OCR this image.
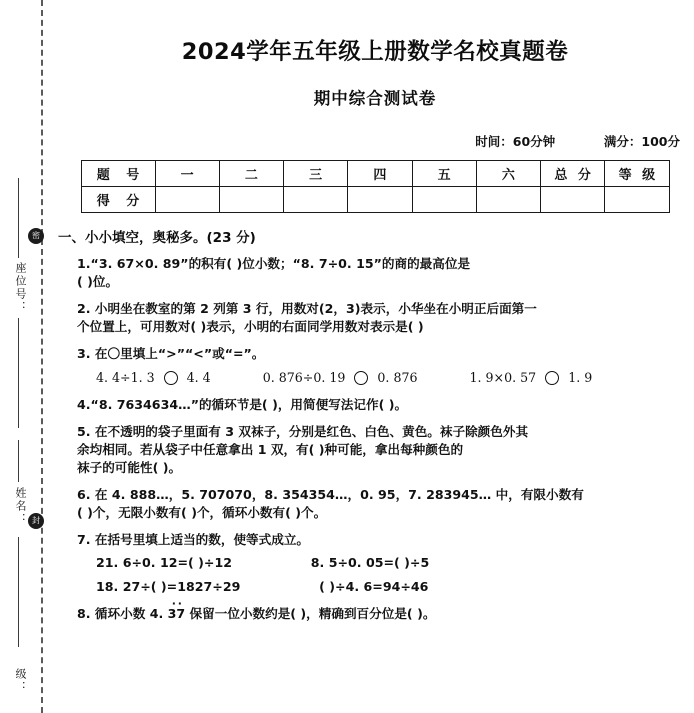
座位号：
姓名：
级：
密
封
2024学年五年级上册数学名校真题卷
期中综合测试卷
时间：60分钟	满分：100分
题 号	一	二	三	四	五	六	总 分	等 级
得 分								
一、小小填空，奥秘多。(23 分)
1.“3. 67×0. 89”的积有( )位小数；“8. 7÷0. 15”的商的最高位是
( )位。
2. 小明坐在教室的第 2 列第 3 行，用数对(2，3)表示，小华坐在小明正后面第一
个位置上，可用数对( )表示，小明的右面同学用数对表示是( )
3. 在〇里填上“>”“<”或“=”。
4. 4÷1. 3	4. 4	0. 876÷0. 19	0. 876	1. 9×0. 57	1. 9
4.“8. 7634634…”的循环节是( )，用简便写法记作( )。
5. 在不透明的袋子里面有 3 双袜子，分别是红色、白色、黄色。袜子除颜色外其
余均相同。若从袋子中任意拿出 1 双，有( )种可能，拿出每种颜色的
袜子的可能性( )。
6. 在 4. 888…，5. 707070，8. 354354…，0. 95，7. 283945… 中，有限小数有
( )个，无限小数有( )个，循环小数有( )个。
7. 在括号里填上适当的数，使等式成立。
21. 6÷0. 12=( )÷12	8. 5÷0. 05=( )÷5
18. 27÷( )=1827÷29	( )÷4. 6=94÷46
8. 循环小数 4. · · 37 保留一位小数约是( )，精确到百分位是( )。
